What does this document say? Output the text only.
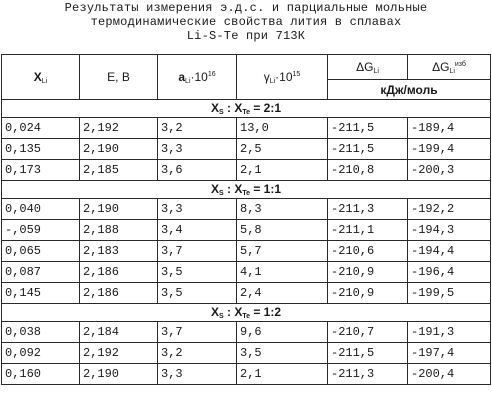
Результаты измерения э.д.с. и парциальные мольные
термодинамические свойства лития в сплавах
Li-S-Te при 713К
$X_{Li}$	E, В	$a_{Li}\cdot 10^{16}$	$\gamma_{Li}\cdot 10^{15}$	$\Delta G_{Li}$	$\Delta G_{Li}^{изб}$
				кДж/моль	
$X_S$ : $X_{Te}$ = 2:1					
0,024	2,192	3,2	13,0	-211,5	-189,4
0,135	2,190	3,3	2,5	-211,5	-199,4
0,173	2,185	3,6	2,1	-210,8	-200,3
$X_S$ : $X_{Te}$ = 1:1					
0,040	2,190	3,3	8,3	-211,3	-192,2
-,059	2,188	3,4	5,8	-211,1	-194,3
0,065	2,183	3,7	5,7	-210,6	-194,4
0,087	2,186	3,5	4,1	-210,9	-196,4
0,145	2,186	3,5	2,4	-210,9	-199,5
$X_S$ : $X_{Te}$ = 1:2					
0,038	2,184	3,7	9,6	-210,7	-191,3
0,092	2,192	3,2	3,5	-211,5	-197,4
0,160	2,190	3,3	2,1	-211,3	-200,4
